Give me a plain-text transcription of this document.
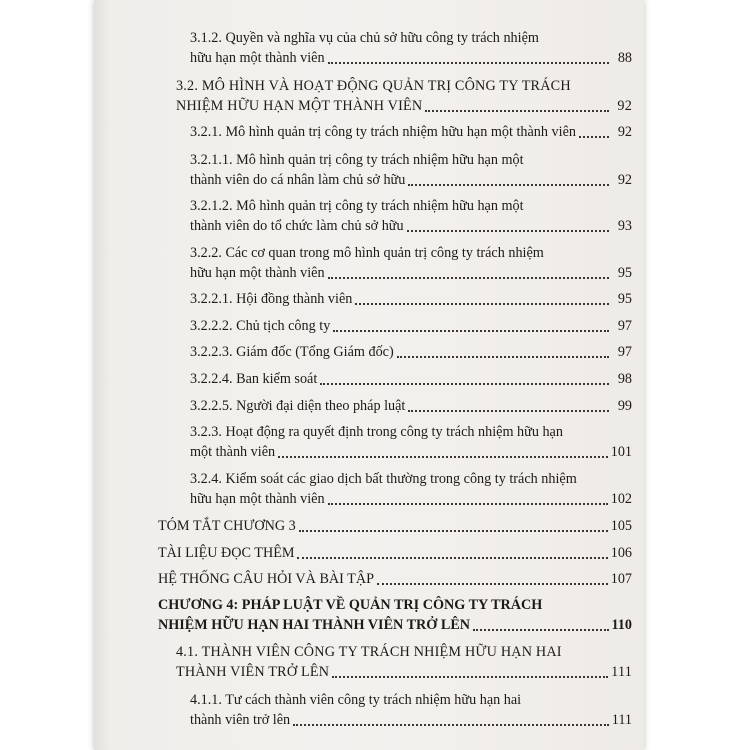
3.1.2. Quyền và nghĩa vụ của chủ sở hữu công ty trách nhiệm
hữu hạn một thành viên	88
3.2. MÔ HÌNH VÀ HOẠT ĐỘNG QUẢN TRỊ CÔNG TY TRÁCH
NHIỆM HỮU HẠN MỘT THÀNH VIÊN	92
3.2.1. Mô hình quản trị công ty trách nhiệm hữu hạn một thành viên	92
3.2.1.1. Mô hình quản trị công ty trách nhiệm hữu hạn một
thành viên do cá nhân làm chủ sở hữu	92
3.2.1.2. Mô hình quản trị công ty trách nhiệm hữu hạn một
thành viên do tổ chức làm chủ sở hữu	93
3.2.2. Các cơ quan trong mô hình quản trị công ty trách nhiệm
hữu hạn một thành viên	95
3.2.2.1. Hội đồng thành viên	95
3.2.2.2. Chủ tịch công ty	97
3.2.2.3. Giám đốc (Tổng Giám đốc)	97
3.2.2.4. Ban kiểm soát	98
3.2.2.5. Người đại diện theo pháp luật	99
3.2.3. Hoạt động ra quyết định trong công ty trách nhiệm hữu hạn
một thành viên	101
3.2.4. Kiểm soát các giao dịch bất thường trong công ty trách nhiệm
hữu hạn một thành viên	102
TÓM TẮT CHƯƠNG 3	105
TÀI LIỆU ĐỌC THÊM	106
HỆ THỐNG CÂU HỎI VÀ BÀI TẬP	107
CHƯƠNG 4: PHÁP LUẬT VỀ QUẢN TRỊ CÔNG TY TRÁCH
NHIỆM HỮU HẠN HAI THÀNH VIÊN TRỞ LÊN	110
4.1. THÀNH VIÊN CÔNG TY TRÁCH NHIỆM HỮU HẠN HAI
THÀNH VIÊN TRỞ LÊN	111
4.1.1. Tư cách thành viên công ty trách nhiệm hữu hạn hai
thành viên trở lên	111
